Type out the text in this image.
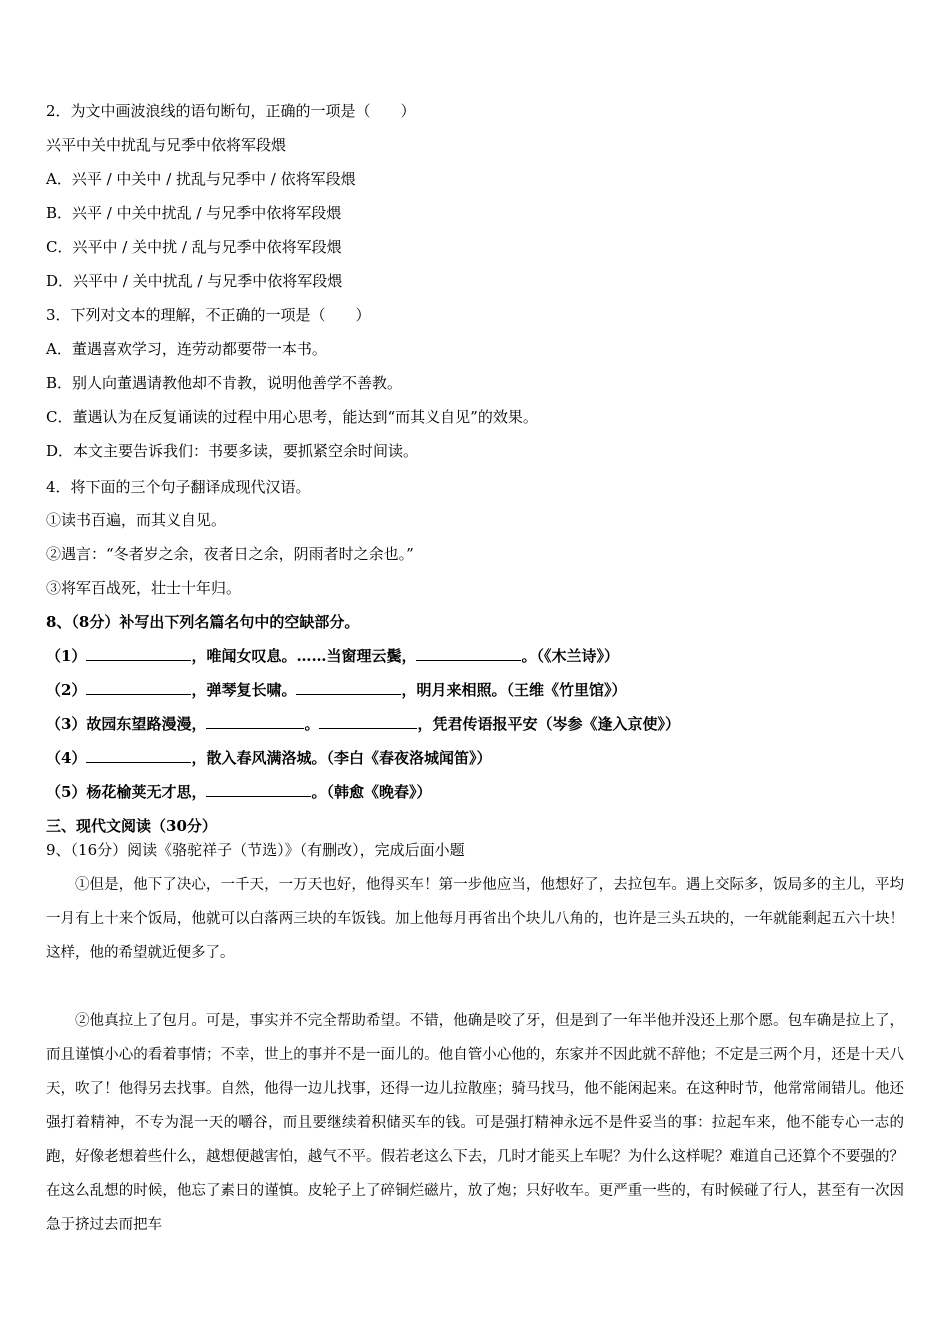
2．为文中画波浪线的语句断句，正确的一项是（　　）
兴平中关中扰乱与兄季中依将军段煨
A．兴平 / 中关中 / 扰乱与兄季中 / 依将军段煨
B．兴平 / 中关中扰乱 / 与兄季中依将军段煨
C．兴平中 / 关中扰 / 乱与兄季中依将军段煨
D．兴平中 / 关中扰乱 / 与兄季中依将军段煨
3．下列对文本的理解，不正确的一项是（　　）
A．董遇喜欢学习，连劳动都要带一本书。
B．别人向董遇请教他却不肯教，说明他善学不善教。
C．董遇认为在反复诵读的过程中用心思考，能达到“而其义自见”的效果。
D．本文主要告诉我们：书要多读，要抓紧空余时间读。
4．将下面的三个句子翻译成现代汉语。
①读书百遍，而其义自见。
②遇言：“冬者岁之余，夜者日之余，阴雨者时之余也。”
③将军百战死，壮士十年归。
8、（8分）补写出下列名篇名句中的空缺部分。
（1）	，唯闻女叹息。……当窗理云鬓，	。（《木兰诗》）
（2）	，弹琴复长啸。	，明月来相照。（王维《竹里馆》）
（3）故园东望路漫漫，	。	，凭君传语报平安（岑参《逢入京使》）
（4）	，散入春风满洛城。（李白《春夜洛城闻笛》）
（5）杨花榆荚无才思，	。（韩愈《晚春》）
三、现代文阅读（30分）
9、（16分）阅读《骆驼祥子（节选）》（有删改），完成后面小题
①但是，他下了决心，一千天，一万天也好，他得买车！第一步他应当，他想好了，去拉包车。遇上交际多，饭局多的主儿，平均一月有上十来个饭局，他就可以白落两三块的车饭钱。加上他每月再省出个块儿八角的，也许是三头五块的，一年就能剩起五六十块！这样，他的希望就近便多了。
②他真拉上了包月。可是，事实并不完全帮助希望。不错，他确是咬了牙，但是到了一年半他并没还上那个愿。包车确是拉上了，而且谨慎小心的看着事情；不幸，世上的事并不是一面儿的。他自管小心他的，东家并不因此就不辞他；不定是三两个月，还是十天八天，吹了！他得另去找事。自然，他得一边儿找事，还得一边儿拉散座；骑马找马，他不能闲起来。在这种时节，他常常闹错儿。他还强打着精神，不专为混一天的嚼谷，而且要继续着积储买车的钱。可是强打精神永远不是件妥当的事：拉起车来，他不能专心一志的跑，好像老想着些什么，越想便越害怕，越气不平。假若老这么下去，几时才能买上车呢？为什么这样呢？难道自己还算个不要强的？在这么乱想的时候，他忘了素日的谨慎。皮轮子上了碎铜烂磁片，放了炮；只好收车。更严重一些的，有时候碰了行人，甚至有一次因急于挤过去而把车
